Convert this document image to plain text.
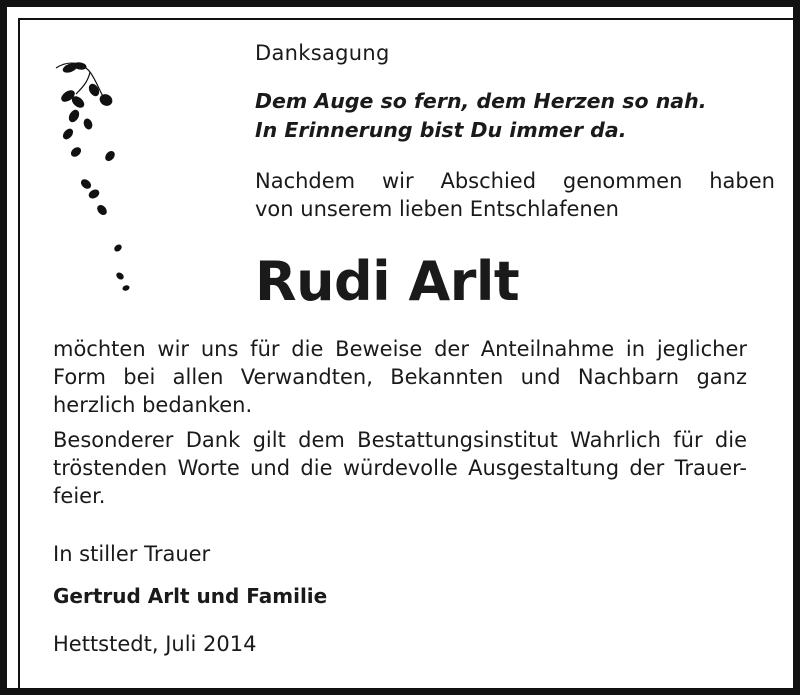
Danksagung

Dem Auge so fern, dem Herzen so nah.

In Erinnerung bist Du immer da.

Nachdem wir Abschied genommen haben

von unserem lieben Entschlafenen

Rudi Arlt

möchten wir uns für die Beweise der Anteilnahme in jeglicher

Form bei allen Verwandten, Bekannten und Nachbarn ganz

herzlich bedanken.

Besonderer Dank gilt dem Bestattungsinstitut Wahrlich für die

tröstenden Worte und die würdevolle Ausgestaltung der Trauer-

feier.

In stiller Trauer

Gertrud Arlt und Familie

Hettstedt, Juli 2014
